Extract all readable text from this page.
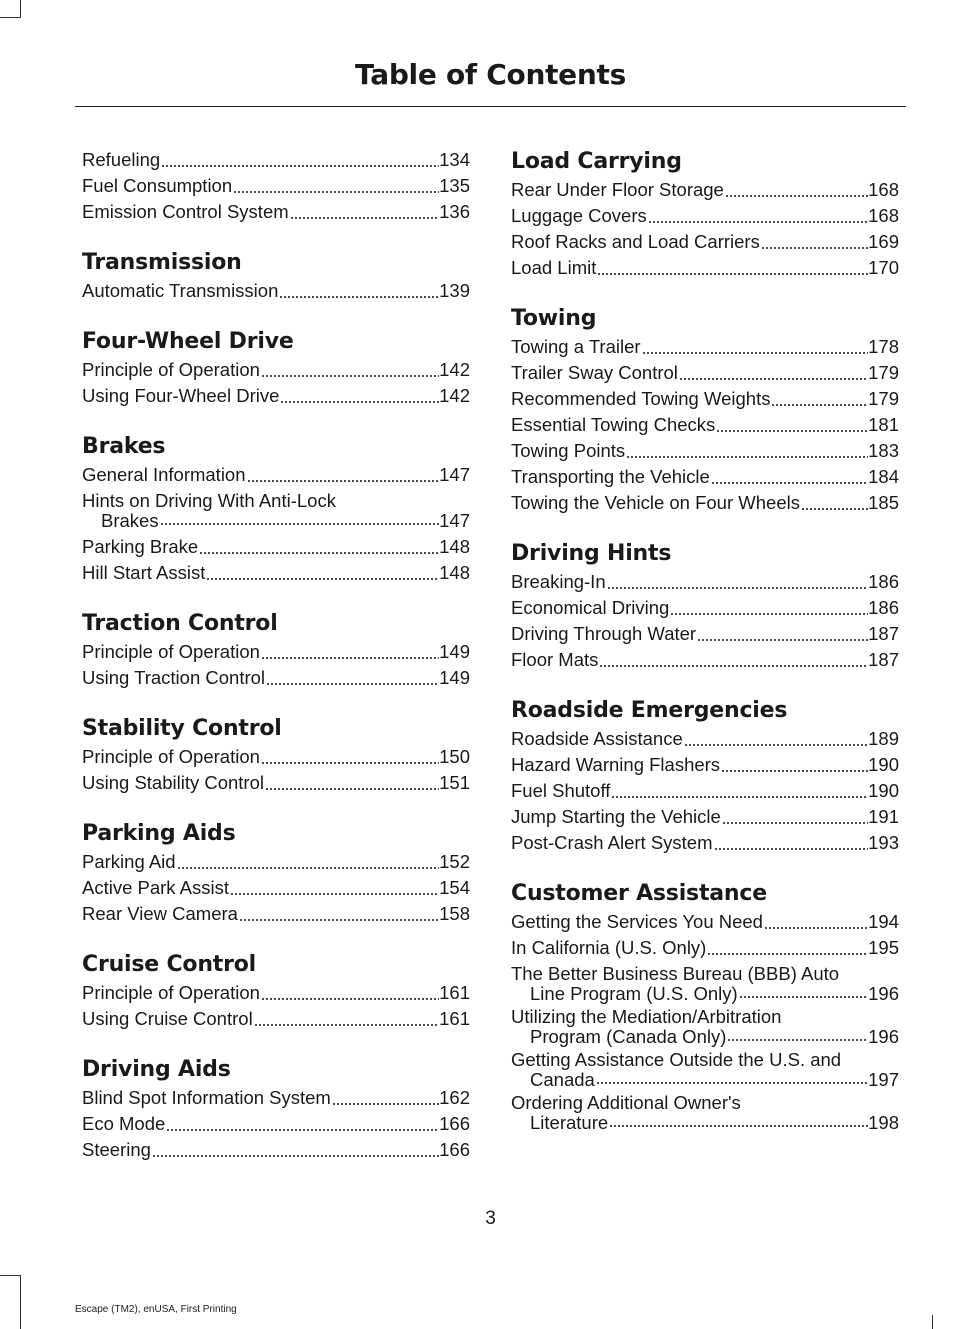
Table of Contents
Refueling	134
Fuel Consumption	135
Emission Control System	136
Transmission
Automatic Transmission	139
Four-Wheel Drive
Principle of Operation	142
Using Four-Wheel Drive	142
Brakes
General Information	147
Hints on Driving With Anti-Lock
Brakes	147
Parking Brake	148
Hill Start Assist	148
Traction Control
Principle of Operation	149
Using Traction Control	149
Stability Control
Principle of Operation	150
Using Stability Control	151
Parking Aids
Parking Aid	152
Active Park Assist	154
Rear View Camera	158
Cruise Control
Principle of Operation	161
Using Cruise Control	161
Driving Aids
Blind Spot Information System	162
Eco Mode	166
Steering	166
Load Carrying
Rear Under Floor Storage	168
Luggage Covers	168
Roof Racks and Load Carriers	169
Load Limit	170
Towing
Towing a Trailer	178
Trailer Sway Control	179
Recommended Towing Weights	179
Essential Towing Checks	181
Towing Points	183
Transporting the Vehicle	184
Towing the Vehicle on Four Wheels	185
Driving Hints
Breaking-In	186
Economical Driving	186
Driving Through Water	187
Floor Mats	187
Roadside Emergencies
Roadside Assistance	189
Hazard Warning Flashers	190
Fuel Shutoff	190
Jump Starting the Vehicle	191
Post-Crash Alert System	193
Customer Assistance
Getting the Services You Need	194
In California (U.S. Only)	195
The Better Business Bureau (BBB) Auto
Line Program (U.S. Only)	196
Utilizing the Mediation/Arbitration
Program (Canada Only)	196
Getting Assistance Outside the U.S. and
Canada	197
Ordering Additional Owner's
Literature	198
3
Escape (TM2), enUSA, First Printing
